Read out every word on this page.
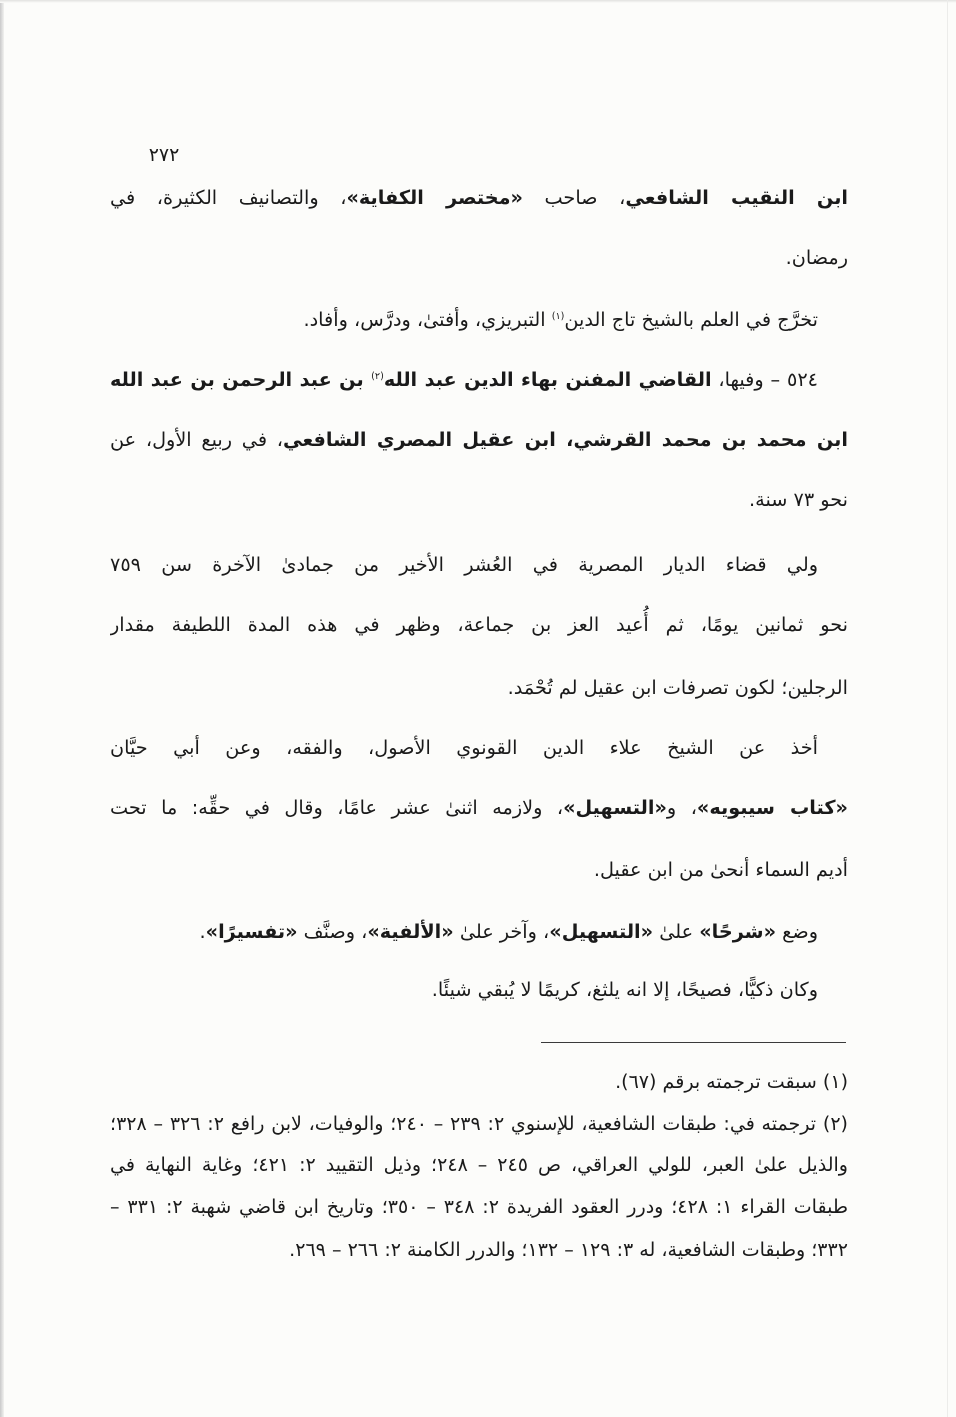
٢٧٢
ابن النقيب الشافعي، صاحب «مختصر الكفاية»، والتصانيف الكثيرة، في
رمضان.
تخرَّج في العلم بالشيخ تاج الدين$^{(١)}$ التبريزي، وأفتىٰ، ودرَّس، وأفاد.
٥٢٤ – وفيها، القاضي المفنن بهاء الدين عبد الله$^{(٢)}$ بن عبد الرحمن بن عبد الله
ابن محمد بن محمد القرشي، ابن عقيل المصري الشافعي، في ربيع الأول، عن
نحو ٧٣ سنة.
ولي قضاء الديار المصرية في العُشر الأخير من جمادىٰ الآخرة سن ٧٥٩
نحو ثمانين يومًا، ثم أُعيد العز بن جماعة، وظهر في هذه المدة اللطيفة مقدار
الرجلين؛ لكون تصرفات ابن عقيل لم تُحْمَد.
أخذ عن الشيخ علاء الدين القونوي الأصول، والفقه، وعن أبي حيَّان
«كتاب سيبويه»، و«التسهيل»، ولازمه اثنىٰ عشر عامًا، وقال في حقِّه: ما تحت
أديم السماء أنحىٰ من ابن عقيل.
وضع «شرحًا» علىٰ «التسهيل»، وآخر علىٰ «الألفية»، وصنَّف «تفسيرًا».
وكان ذكيًّا، فصيحًا، إلا انه يلثغ، كريمًا لا يُبقي شيئًا.
(١) سبقت ترجمته برقم (٦٧).
(٢) ترجمته في: طبقات الشافعية، للإسنوي ٢: ٢٣٩ – ٢٤٠؛ والوفيات، لابن رافع ٢: ٣٢٦ – ٣٢٨؛
والذيل علىٰ العبر، للولي العراقي، ص ٢٤٥ – ٢٤٨؛ وذيل التقييد ٢: ٤٢١؛ وغاية النهاية في
طبقات القراء ١: ٤٢٨؛ ودرر العقود الفريدة ٢: ٣٤٨ – ٣٥٠؛ وتاريخ ابن قاضي شهبة ٢: ٣٣١ –
٣٣٢؛ وطبقات الشافعية، له ٣: ١٢٩ – ١٣٢؛ والدرر الكامنة ٢: ٢٦٦ – ٢٦٩.
